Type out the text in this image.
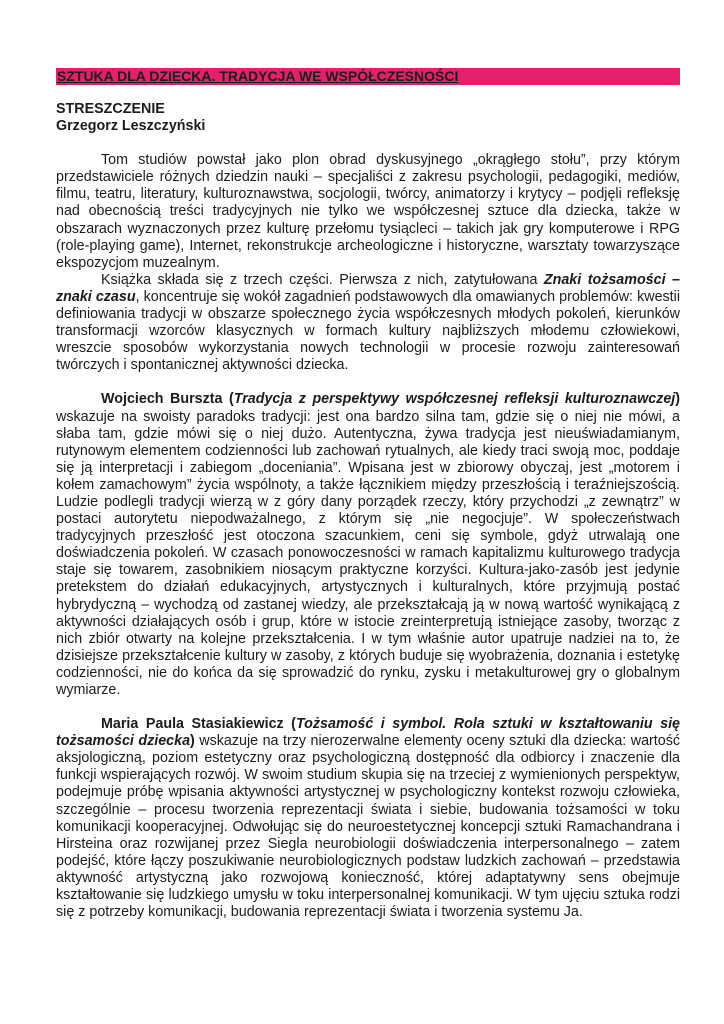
SZTUKA DLA DZIECKA. TRADYCJA WE WSPÓŁCZESNOŚCI
STRESZCZENIE
Grzegorz Leszczyński

Tom studiów powstał jako plon obrad dyskusyjnego „okrągłego stołu”, przy którym przedstawiciele różnych dziedzin nauki – specjaliści z zakresu psychologii, pedagogiki, mediów, filmu, teatru, literatury, kulturoznawstwa, socjologii, twórcy, animatorzy i krytycy – podjęli refleksję nad obecnością treści tradycyjnych nie tylko we współczesnej sztuce dla dziecka, także w obszarach wyznaczonych przez kulturę przełomu tysiącleci – takich jak gry komputerowe i RPG (role-playing game), Internet, rekonstrukcje archeologiczne i historyczne, warsztaty towarzyszące ekspozycjom muzealnym.

Książka składa się z trzech części. Pierwsza z nich, zatytułowana Znaki tożsamości – znaki czasu, koncentruje się wokół zagadnień podstawowych dla omawianych problemów: kwestii definiowania tradycji w obszarze społecznego życia współczesnych młodych pokoleń, kierunków transformacji wzorców klasycznych w formach kultury najbliższych młodemu człowiekowi, wreszcie sposobów wykorzystania nowych technologii w procesie rozwoju zainteresowań twórczych i spontanicznej aktywności dziecka.

Wojciech Burszta (Tradycja z perspektywy współczesnej refleksji kulturoznawczej) wskazuje na swoisty paradoks tradycji: jest ona bardzo silna tam, gdzie się o niej nie mówi, a słaba tam, gdzie mówi się o niej dużo. Autentyczna, żywa tradycja jest nieuświadamianym, rutynowym elementem codzienności lub zachowań rytualnych, ale kiedy traci swoją moc, poddaje się ją interpretacji i zabiegom „doceniania”. Wpisana jest w zbiorowy obyczaj, jest „motorem i kołem zamachowym” życia wspólnoty, a także łącznikiem między przeszłością i teraźniejszością. Ludzie podlegli tradycji wierzą w z góry dany porządek rzeczy, który przychodzi „z zewnątrz” w postaci autorytetu niepodważalnego, z którym się „nie negocjuje”. W społeczeństwach tradycyjnych przeszłość jest otoczona szacunkiem, ceni się symbole, gdyż utrwalają one doświadczenia pokoleń. W czasach ponowoczesności w ramach kapitalizmu kulturowego tradycja staje się towarem, zasobnikiem niosącym praktyczne korzyści. Kultura-jako-zasób jest jedynie pretekstem do działań edukacyjnych, artystycznych i kulturalnych, które przyjmują postać hybrydyczną – wychodzą od zastanej wiedzy, ale przekształcają ją w nową wartość wynikającą z aktywności działających osób i grup, które w istocie zreinterpretują istniejące zasoby, tworząc z nich zbiór otwarty na kolejne przekształcenia. I w tym właśnie autor upatruje nadziei na to, że dzisiejsze przekształcenie kultury w zasoby, z których buduje się wyobrażenia, doznania i estetykę codzienności, nie do końca da się sprowadzić do rynku, zysku i metakulturowej gry o globalnym wymiarze.

Maria Paula Stasiakiewicz (Tożsamość i symbol. Rola sztuki w kształtowaniu się tożsamości dziecka) wskazuje na trzy nierozerwalne elementy oceny sztuki dla dziecka: wartość aksjologiczną, poziom estetyczny oraz psychologiczną dostępność dla odbiorcy i znaczenie dla funkcji wspierających rozwój. W swoim studium skupia się na trzeciej z wymienionych perspektyw, podejmuje próbę wpisania aktywności artystycznej w psychologiczny kontekst rozwoju człowieka, szczególnie – procesu tworzenia reprezentacji świata i siebie, budowania tożsamości w toku komunikacji kooperacyjnej. Odwołując się do neuroestetycznej koncepcji sztuki Ramachandrana i Hirsteina oraz rozwijanej przez Siegla neurobiologii doświadczenia interpersonalnego – zatem podejść, które łączy poszukiwanie neurobiologicznych podstaw ludzkich zachowań – przedstawia aktywność artystyczną jako rozwojową konieczność, której adaptatywny sens obejmuje kształtowanie się ludzkiego umysłu w toku interpersonalnej komunikacji. W tym ujęciu sztuka rodzi się z potrzeby komunikacji, budowania reprezentacji świata i tworzenia systemu Ja.
